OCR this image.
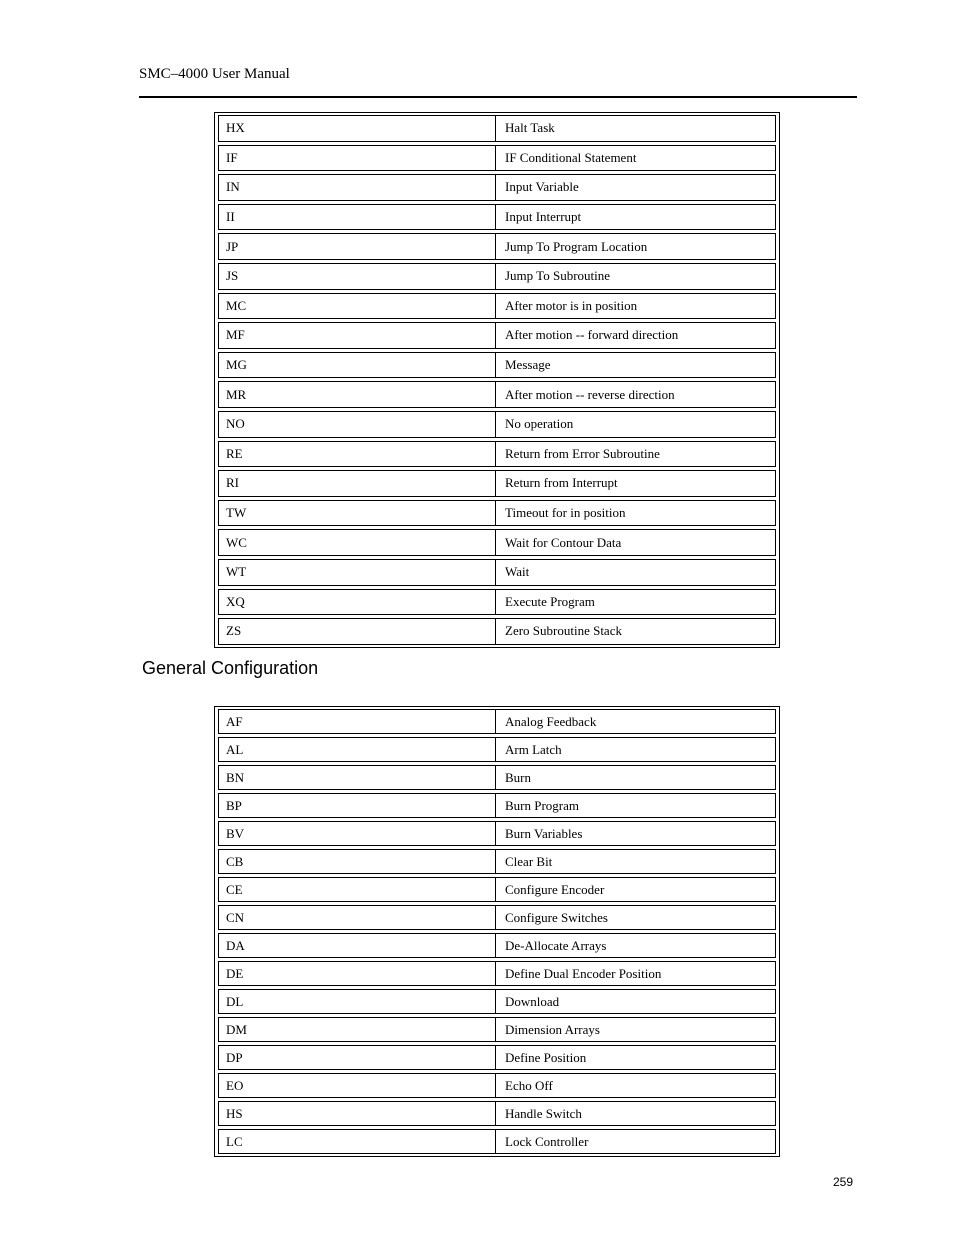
SMC–4000 User Manual
HX	Halt Task
IF	IF Conditional Statement
IN	Input Variable
II	Input Interrupt
JP	Jump To Program Location
JS	Jump To Subroutine
MC	After motor is in position
MF	After motion -- forward direction
MG	Message
MR	After motion -- reverse direction
NO	No operation
RE	Return from Error Subroutine
RI	Return from Interrupt
TW	Timeout for in position
WC	Wait for Contour Data
WT	Wait
XQ	Execute Program
ZS	Zero Subroutine Stack
General Configuration
AF	Analog Feedback
AL	Arm Latch
BN	Burn
BP	Burn Program
BV	Burn Variables
CB	Clear Bit
CE	Configure Encoder
CN	Configure Switches
DA	De-Allocate Arrays
DE	Define Dual Encoder Position
DL	Download
DM	Dimension Arrays
DP	Define Position
EO	Echo Off
HS	Handle Switch
LC	Lock Controller
259
